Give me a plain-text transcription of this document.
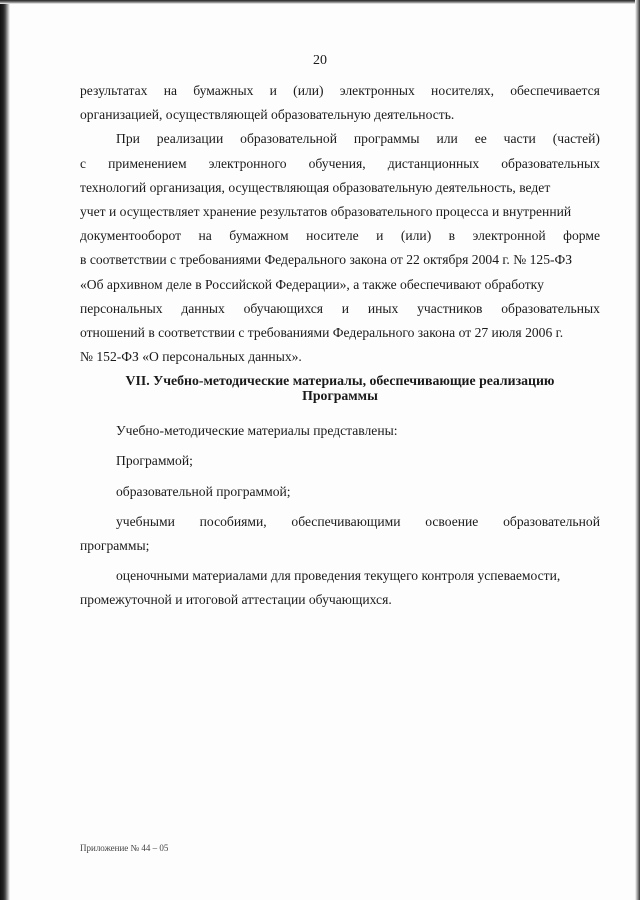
20
результатах на бумажных и (или) электронных носителях, обеспечивается
организацией, осуществляющей образовательную деятельность.
При реализации образовательной программы или ее части (частей)
с применением электронного обучения, дистанционных образовательных
технологий организация, осуществляющая образовательную деятельность, ведет
учет и осуществляет хранение результатов образовательного процесса и внутренний
документооборот на бумажном носителе и (или) в электронной форме
в соответствии с требованиями Федерального закона от 22 октября 2004 г. № 125-ФЗ
«Об архивном деле в Российской Федерации», а также обеспечивают обработку
персональных данных обучающихся и иных участников образовательных
отношений в соответствии с требованиями Федерального закона от 27 июля 2006 г.
№ 152-ФЗ «О персональных данных».
VII. Учебно-методические материалы, обеспечивающие реализацию
Программы
Учебно-методические материалы представлены:
Программой;
образовательной программой;
учебными пособиями, обеспечивающими освоение образовательной
программы;
оценочными материалами для проведения текущего контроля успеваемости,
промежуточной и итоговой аттестации обучающихся.
Приложение № 44 – 05
